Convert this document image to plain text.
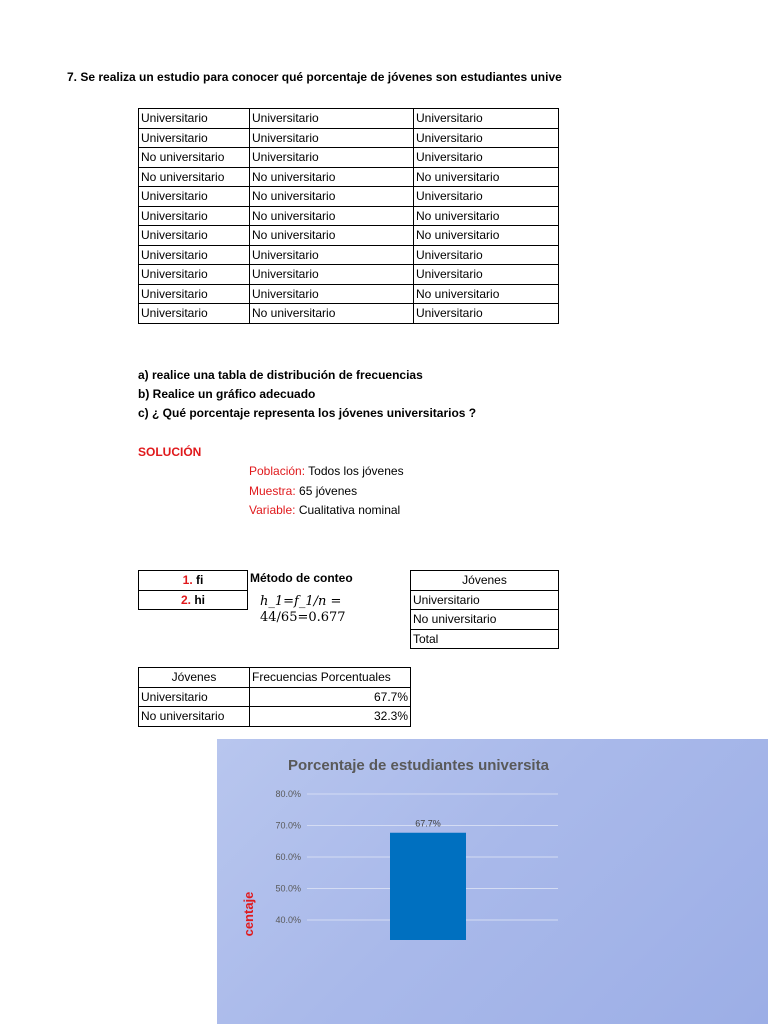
7. Se realiza un estudio para conocer qué porcentaje de jóvenes son estudiantes unive
Universitario	Universitario	Universitario
Universitario	Universitario	Universitario
No universitario	Universitario	Universitario
No universitario	No universitario	No universitario
Universitario	No universitario	Universitario
Universitario	No universitario	No universitario
Universitario	No universitario	No universitario
Universitario	Universitario	Universitario
Universitario	Universitario	Universitario
Universitario	Universitario	No universitario
Universitario	No universitario	Universitario
a) realice una tabla de distribución de frecuencias
b) Realice un gráfico adecuado
c) ¿ Qué porcentaje representa los jóvenes universitarios ?
SOLUCIÓN
Población: Todos los jóvenes
Muestra: 65 jóvenes
Variable: Cualitativa nominal
1. fi
2. hi
Método de conteo
h_1=f_1/n =
44/65=0.677
Jóvenes
Universitario
No universitario
Total
Jóvenes	Frecuencias Porcentuales
Universitario	67.7%
No universitario	32.3%
Porcentaje de estudiantes universita
centaje
80.0%
70.0%
60.0%
50.0%
40.0%
67.7%
